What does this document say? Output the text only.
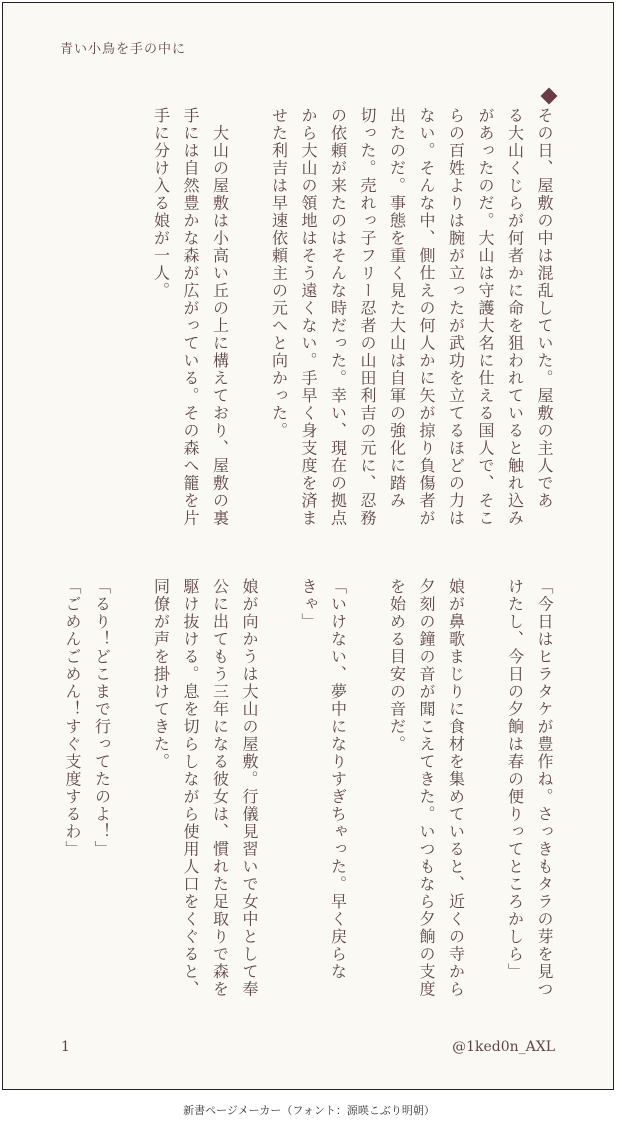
青い小鳥を手の中に

その日、屋敷の中は混乱していた。屋敷の主人であ
る大山くじらが何者かに命を狙われていると触れ込み
があったのだ。大山は守護大名に仕える国人で、そこ
らの百姓よりは腕が立ったが武功を立てるほどの力は
ない。そんな中、側仕えの何人かに矢が掠り負傷者が
出たのだ。事態を重く見た大山は自軍の強化に踏み
切った。売れっ子フリー忍者の山田利吉の元に、忍務
の依頼が来たのはそんな時だった。幸い、現在の拠点
から大山の領地はそう遠くない。手早く身支度を済ま
せた利吉は早速依頼主の元へと向かった。

　大山の屋敷は小高い丘の上に構えており、屋敷の裏
手には自然豊かな森が広がっている。その森へ籠を片
手に分け入る娘が一人。

「今日はヒラタケが豊作ね。さっきもタラの芽を見つ
けたし、今日の夕餉は春の便りってところかしら」

娘が鼻歌まじりに食材を集めていると、近くの寺から
夕刻の鐘の音が聞こえてきた。いつもなら夕餉の支度
を始める目安の音だ。

「いけない、夢中になりすぎちゃった。早く戻らな
きゃ」

娘が向かうは大山の屋敷。行儀見習いで女中として奉
公に出てもう三年になる彼女は、慣れた足取りで森を
駆け抜ける。息を切らしながら使用人口をくぐると、
同僚が声を掛けてきた。

「るり！どこまで行ってたのよ！」
「ごめんごめん！すぐ支度するわ」

1	@1ked0n_AXL
新書ページメーカー（フォント：源暎こぶり明朝）
